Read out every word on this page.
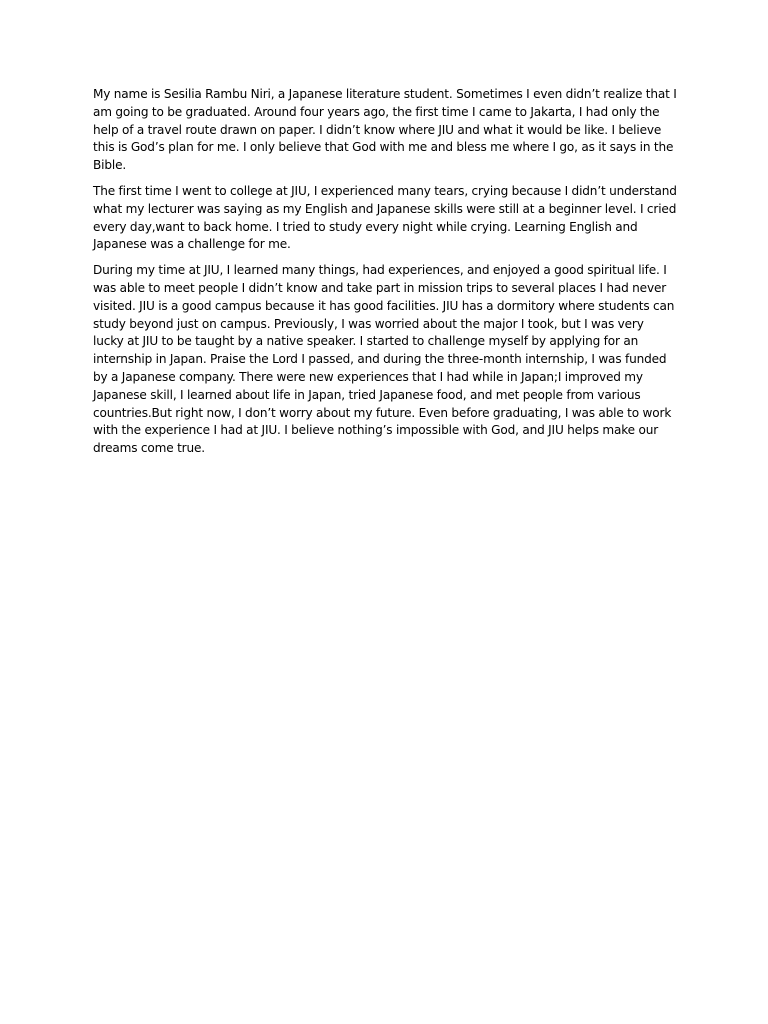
My name is Sesilia Rambu Niri, a Japanese literature student. Sometimes I even didn’t realize that I am going to be graduated. Around four years ago, the first time I came to Jakarta, I had only the help of a travel route drawn on paper. I didn’t know where JIU and what it would be like. I believe this is God’s plan for me. I only believe that God with me and bless me where I go, as it says in the Bible.

The first time I went to college at JIU, I experienced many tears, crying because I didn’t understand what my lecturer was saying as my English and Japanese skills were still at a beginner level. I cried every day,want to back home. I tried to study every night while crying. Learning English and Japanese was a challenge for me.

During my time at JIU, I learned many things, had experiences, and enjoyed a good spiritual life. I was able to meet people I didn’t know and take part in mission trips to several places I had never visited. JIU is a good campus because it has good facilities. JIU has a dormitory where students can study beyond just on campus. Previously, I was worried about the major I took, but I was very lucky at JIU to be taught by a native speaker. I started to challenge myself by applying for an internship in Japan. Praise the Lord I passed, and during the three-month internship, I was funded by a Japanese company. There were new experiences that I had while in Japan;I improved my Japanese skill, I learned about life in Japan, tried Japanese food, and met people from various countries.But right now, I don’t worry about my future. Even before graduating, I was able to work with the experience I had at JIU. I believe nothing’s impossible with God, and JIU helps make our dreams come true.
